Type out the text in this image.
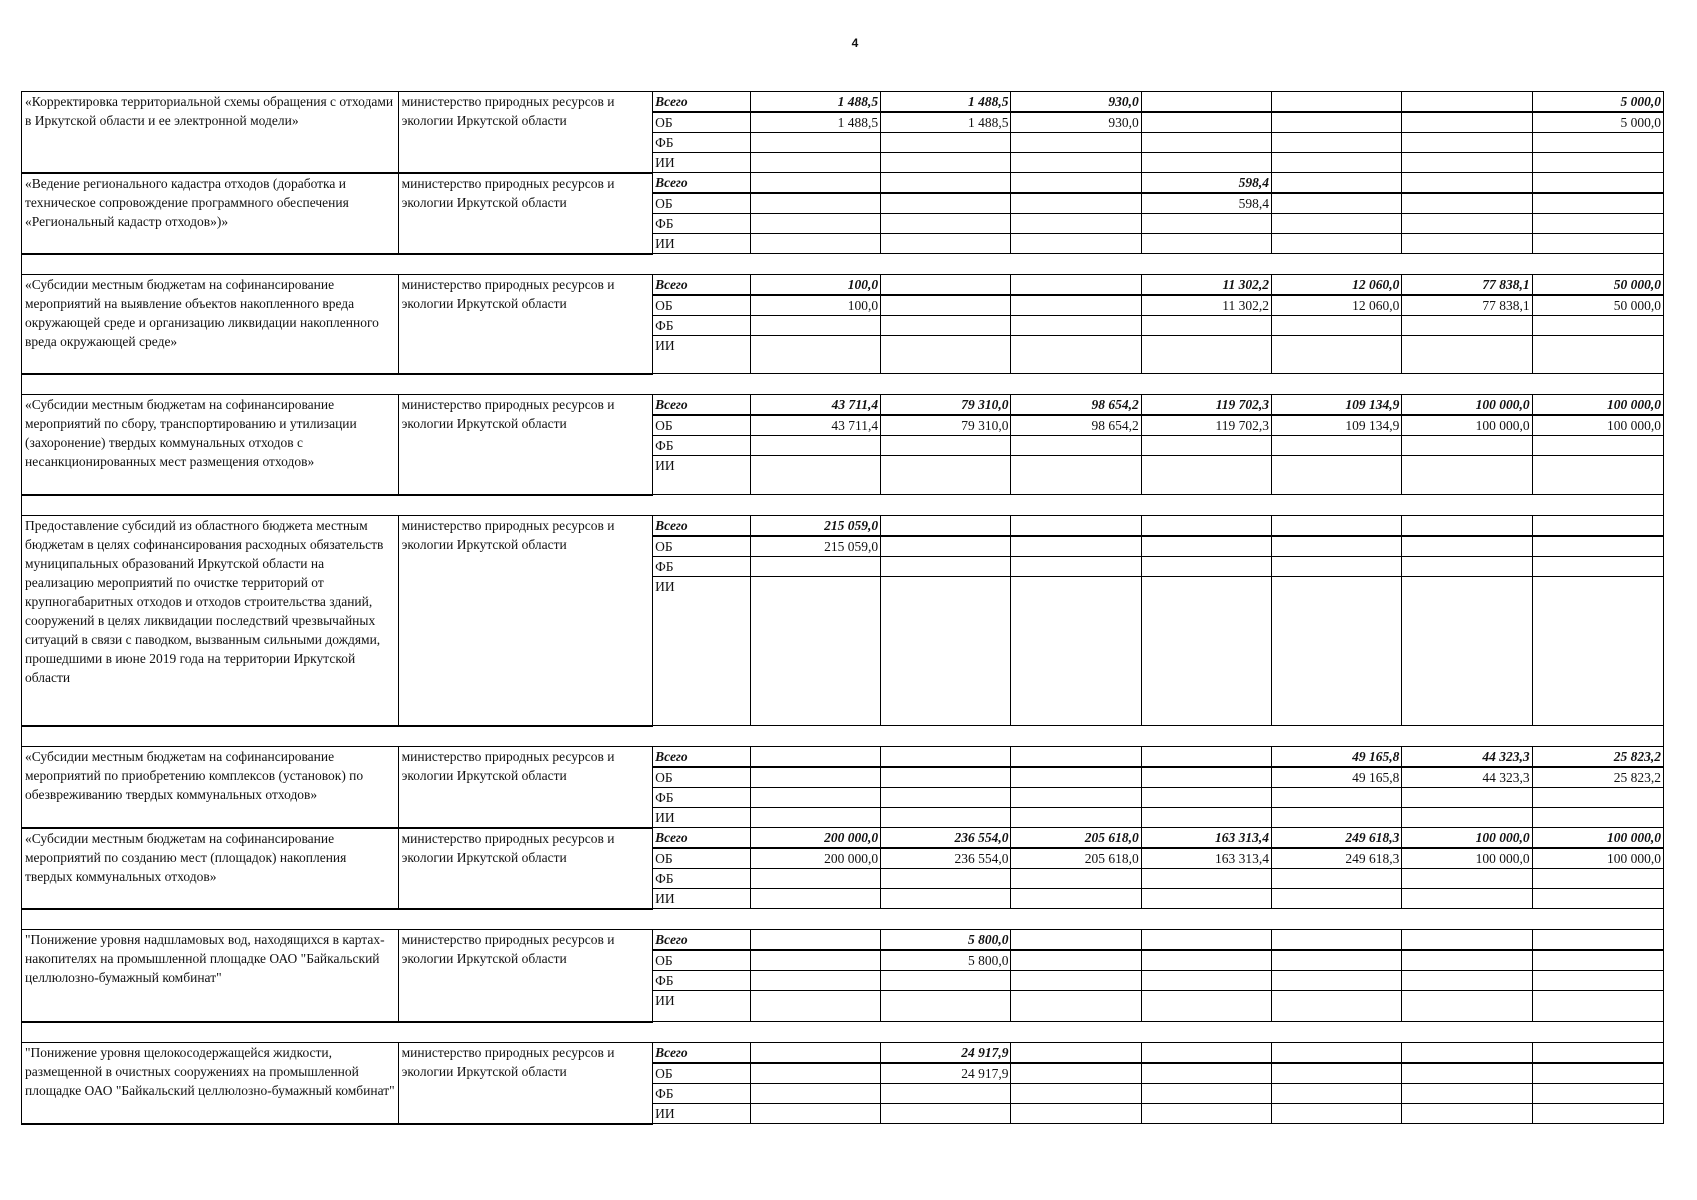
4
«Корректировка территориальной схемы обращения с отходами в Иркутской области и ее электронной модели»	министерство природных ресурсов и экологии Иркутской области	Всего	1 488,5	1 488,5	930,0				5 000,0
		ОБ	1 488,5	1 488,5	930,0				5 000,0
		ФБ							
		ИИ							
«Ведение регионального кадастра отходов (доработка и техническое сопровождение программного обеспечения «Региональный кадастр отходов»)»	министерство природных ресурсов и экологии Иркутской области	Всего				598,4			
		ОБ				598,4			
		ФБ							
		ИИ							

«Субсидии местным бюджетам на софинансирование мероприятий на выявление объектов накопленного вреда окружающей среде и организацию ликвидации накопленного вреда окружающей среде»	министерство природных ресурсов и экологии Иркутской области	Всего	100,0			11 302,2	12 060,0	77 838,1	50 000,0
		ОБ	100,0			11 302,2	12 060,0	77 838,1	50 000,0
		ФБ							
		ИИ							

«Субсидии местным бюджетам на софинансирование мероприятий по сбору, транспортированию и утилизации (захоронение) твердых коммунальных отходов с несанкционированных мест размещения отходов»	министерство природных ресурсов и экологии Иркутской области	Всего	43 711,4	79 310,0	98 654,2	119 702,3	109 134,9	100 000,0	100 000,0
		ОБ	43 711,4	79 310,0	98 654,2	119 702,3	109 134,9	100 000,0	100 000,0
		ФБ							
		ИИ							

Предоставление субсидий из областного бюджета местным бюджетам в целях софинансирования расходных обязательств муниципальных образований Иркутской области на реализацию мероприятий по очистке территорий от крупногабаритных отходов и отходов строительства зданий, сооружений в целях ликвидации последствий чрезвычайных ситуаций в связи с паводком, вызванным сильными дождями, прошедшими в июне 2019 года на территории Иркутской области	министерство природных ресурсов и экологии Иркутской области	Всего	215 059,0						
		ОБ	215 059,0						
		ФБ							
		ИИ							

«Субсидии местным бюджетам на софинансирование мероприятий по приобретению комплексов (установок) по обезвреживанию твердых коммунальных отходов»	министерство природных ресурсов и экологии Иркутской области	Всего					49 165,8	44 323,3	25 823,2
		ОБ					49 165,8	44 323,3	25 823,2
		ФБ							
		ИИ							
«Субсидии местным бюджетам на софинансирование мероприятий по созданию мест (площадок) накопления твердых коммунальных отходов»	министерство природных ресурсов и экологии Иркутской области	Всего	200 000,0	236 554,0	205 618,0	163 313,4	249 618,3	100 000,0	100 000,0
		ОБ	200 000,0	236 554,0	205 618,0	163 313,4	249 618,3	100 000,0	100 000,0
		ФБ							
		ИИ							

"Понижение уровня надшламовых вод, находящихся в картах-накопителях на промышленной площадке ОАО "Байкальский целлюлозно-бумажный комбинат"	министерство природных ресурсов и экологии Иркутской области	Всего		5 800,0					
		ОБ		5 800,0					
		ФБ							
		ИИ							

"Понижение уровня щелокосодержащейся жидкости, размещенной в очистных сооружениях на промышленной площадке ОАО "Байкальский целлюлозно-бумажный комбинат"	министерство природных ресурсов и экологии Иркутской области	Всего		24 917,9					
		ОБ		24 917,9					
		ФБ							
		ИИ							
